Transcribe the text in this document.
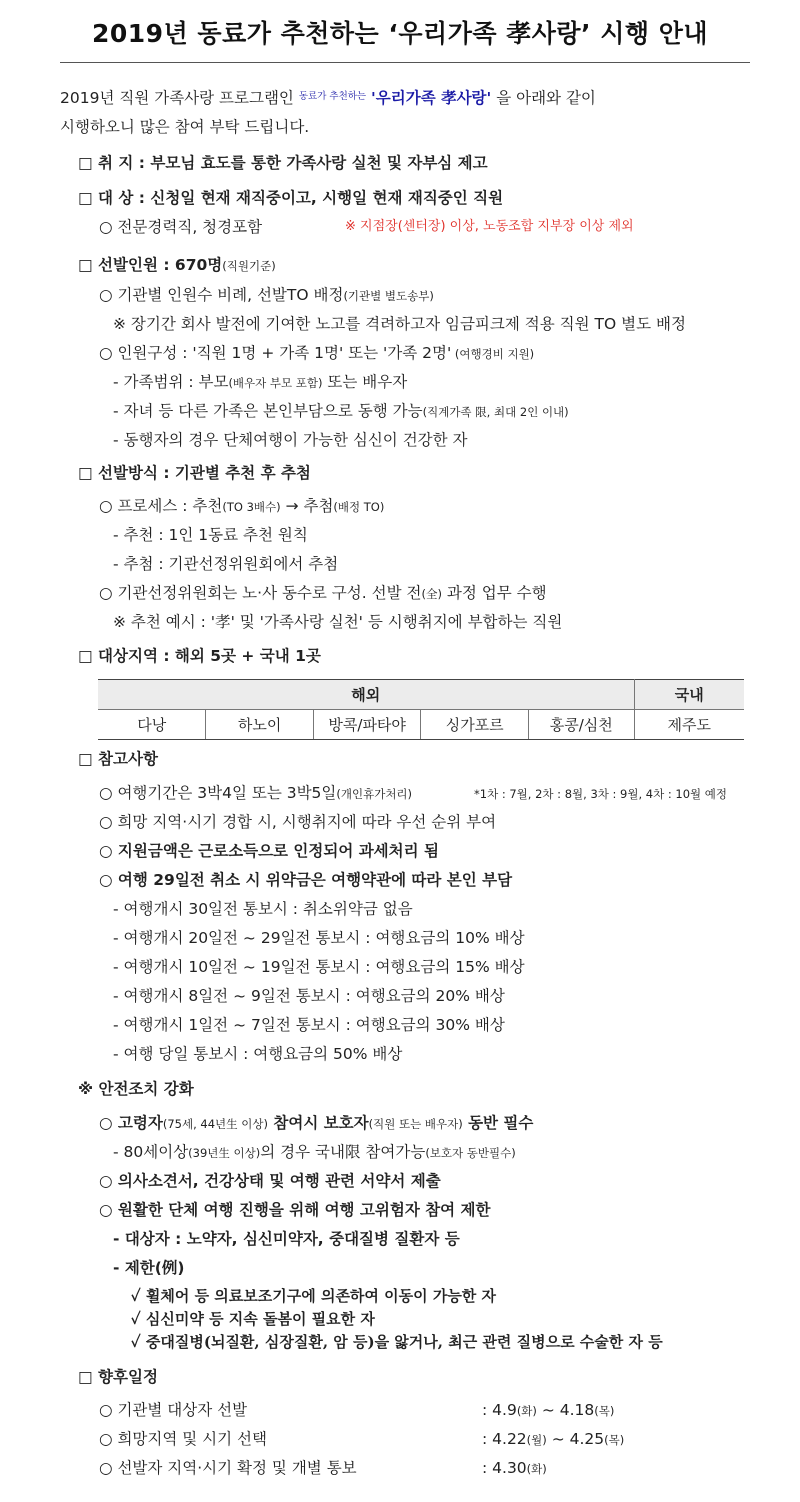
2019년 동료가 추천하는 ‘우리가족 孝사랑’ 시행 안내
2019년 직원 가족사랑 프로그램인 $^{동료가 추천하는}$ '우리가족 孝사랑' 을 아래와 같이
시행하오니 많은 참여 부탁 드립니다.
□ 취 지 : 부모님 효도를 통한 가족사랑 실천 및 자부심 제고
□ 대 상 : 신청일 현재 재직중이고, 시행일 현재 재직중인 직원
○ 전문경력직, 청경포함	※ 지점장(센터장) 이상, 노동조합 지부장 이상 제외
□ 선발인원 : 670명(직원기준)
○ 기관별 인원수 비례, 선발TO 배정(기관별 별도송부)
※ 장기간 회사 발전에 기여한 노고를 격려하고자 임금피크제 적용 직원 TO 별도 배정
○ 인원구성 : '직원 1명 + 가족 1명' 또는 '가족 2명' (여행경비 지원)
- 가족범위 : 부모(배우자 부모 포함) 또는 배우자
- 자녀 등 다른 가족은 본인부담으로 동행 가능(직계가족 限, 최대 2인 이내)
- 동행자의 경우 단체여행이 가능한 심신이 건강한 자
□ 선발방식 : 기관별 추천 후 추첨
○ 프로세스 : 추천(TO 3배수) → 추첨(배정 TO)
- 추천 : 1인 1동료 추천 원칙
- 추첨 : 기관선정위원회에서 추첨
○ 기관선정위원회는 노·사 동수로 구성. 선발 전(全) 과정 업무 수행
※ 추천 예시 : '孝' 및 '가족사랑 실천' 등 시행취지에 부합하는 직원
□ 대상지역 : 해외 5곳 + 국내 1곳
해외					국내
다낭	하노이	방콕/파타야	싱가포르	홍콩/심천	제주도
□ 참고사항
○ 여행기간은 3박4일 또는 3박5일(개인휴가처리)	*1차 : 7월, 2차 : 8월, 3차 : 9월, 4차 : 10월 예정
○ 희망 지역·시기 경합 시, 시행취지에 따라 우선 순위 부여
○ 지원금액은 근로소득으로 인정되어 과세처리 됨
○ 여행 29일전 취소 시 위약금은 여행약관에 따라 본인 부담
- 여행개시 30일전 통보시 : 취소위약금 없음
- 여행개시 20일전 ~ 29일전 통보시 : 여행요금의 10% 배상
- 여행개시 10일전 ~ 19일전 통보시 : 여행요금의 15% 배상
- 여행개시 8일전 ~ 9일전 통보시 : 여행요금의 20% 배상
- 여행개시 1일전 ~ 7일전 통보시 : 여행요금의 30% 배상
- 여행 당일 통보시 : 여행요금의 50% 배상
※ 안전조치 강화
○ 고령자(75세, 44년生 이상) 참여시 보호자(직원 또는 배우자) 동반 필수
- 80세이상(39년生 이상)의 경우 국내限 참여가능(보호자 동반필수)
○ 의사소견서, 건강상태 및 여행 관련 서약서 제출
○ 원활한 단체 여행 진행을 위해 여행 고위험자 참여 제한
- 대상자 : 노약자, 심신미약자, 중대질병 질환자 등
- 제한(例)
✓ 휠체어 등 의료보조기구에 의존하여 이동이 가능한 자
✓ 심신미약 등 지속 돌봄이 필요한 자
✓ 중대질병(뇌질환, 심장질환, 암 등)을 앓거나, 최근 관련 질병으로 수술한 자 등
□ 향후일정
○ 기관별 대상자 선발	: 4.9(화) ~ 4.18(목)
○ 희망지역 및 시기 선택	: 4.22(월) ~ 4.25(목)
○ 선발자 지역·시기 확정 및 개별 통보	: 4.30(화)
